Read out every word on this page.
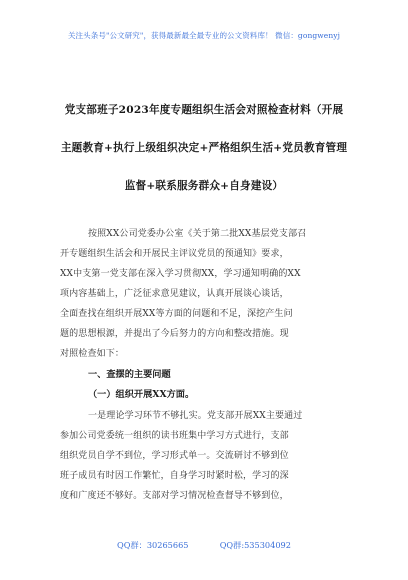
关注头条号"公文研究"，获得最新最全最专业的公文资料库！ 微信：gongwenyj
党支部班子2023年度专题组织生活会对照检查材料（开展
主题教育+执行上级组织决定+严格组织生活+党员教育管理
监督+联系服务群众+自身建设）
按照XX公司党委办公室《关于第二批XX基层党支部召
开专题组织生活会和开展民主评议党员的预通知》要求，
XX中支第一党支部在深入学习贯彻XX，学习通知明确的XX
项内容基础上，广泛征求意见建议，认真开展谈心谈话，
全面查找在组织开展XX等方面的问题和不足，深挖产生问
题的思想根源，并提出了今后努力的方向和整改措施。现
对照检查如下：
一、查摆的主要问题
（一）组织开展XX方面。
一是理论学习环节不够扎实。党支部开展XX主要通过
参加公司党委统一组织的读书班集中学习方式进行，支部
组织党员自学不到位，学习形式单一。交流研讨不够到位
班子成员有时因工作繁忙，自身学习时紧时松，学习的深
度和广度还不够好。支部对学习情况检查督导不够到位，
QQ群：30265665	QQ群:535304092
